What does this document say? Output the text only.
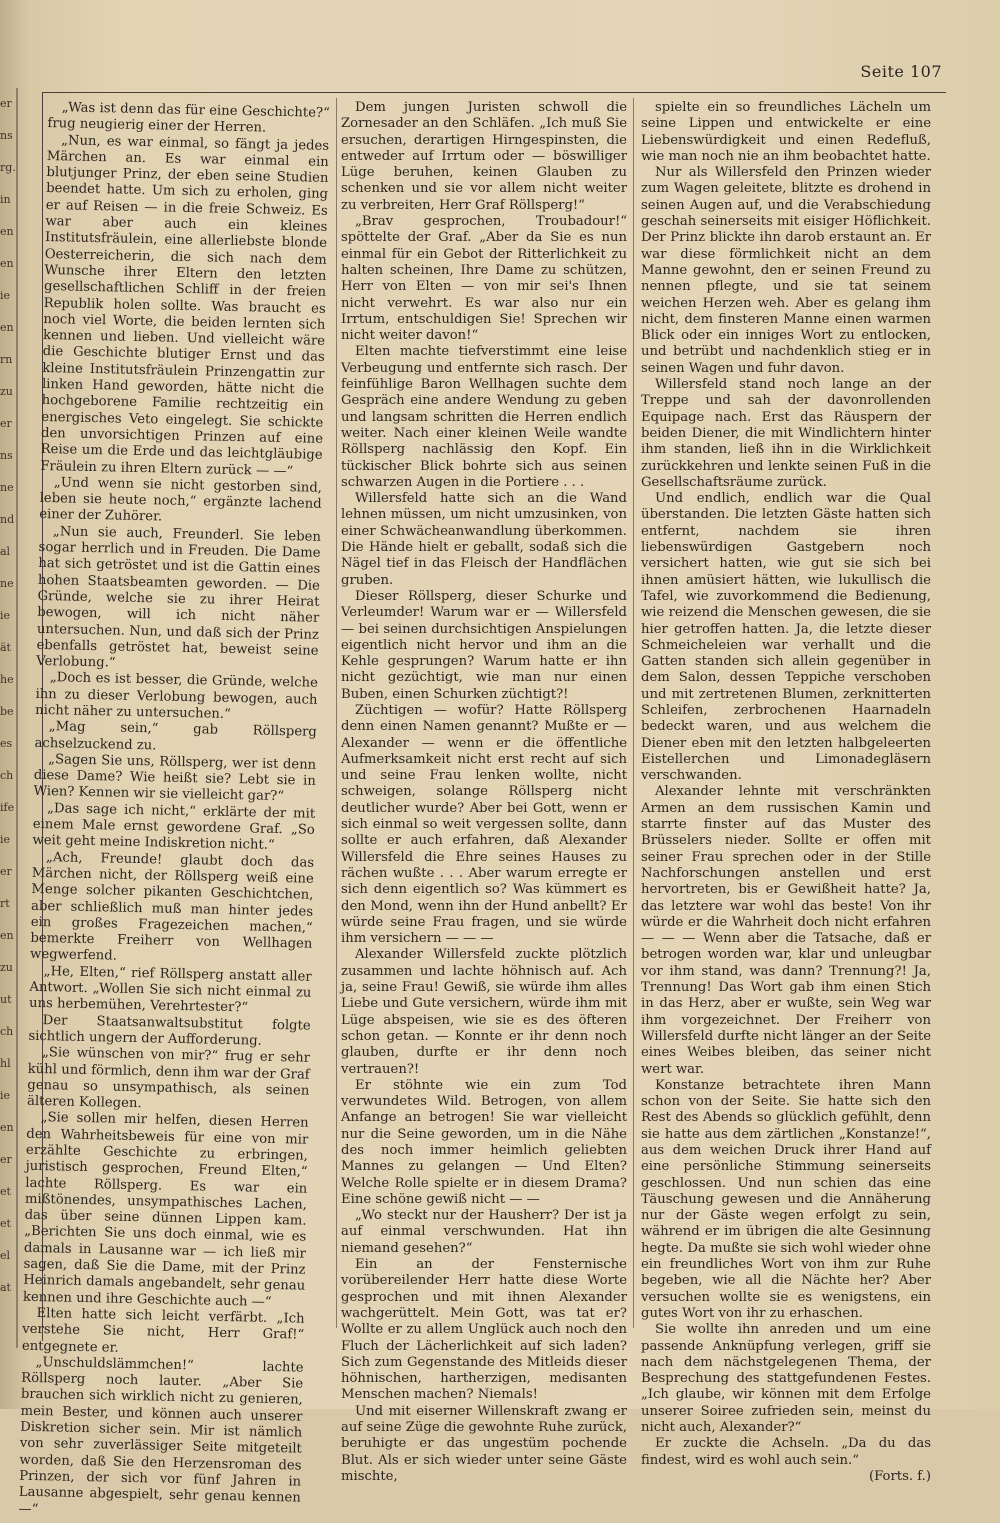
er
ns
rg.
in
en
en
ie
en
rn
zu
er
ns
ne
nd
al
ne
ie
ät
he
be
es
ch
ife
ie
er
rt
en
zu
ut
ch
hl
ie
en
er
et
et
el
at
Seite 107

„Was ist denn das für eine Geschichte?“ frug neugierig einer der Herren.

„Nun, es war einmal, so fängt ja jedes Märchen an. Es war einmal ein blutjunger Prinz, der eben seine Studien beendet hatte. Um sich zu erholen, ging er auf Reisen — in die freie Schweiz. Es war aber auch ein kleines Institutsfräulein, eine allerliebste blonde Oesterreicherin, die sich nach dem Wunsche ihrer Eltern den letzten gesellschaftlichen Schliff in der freien Republik holen sollte. Was braucht es noch viel Worte, die beiden lernten sich kennen und lieben. Und vielleicht wäre die Geschichte blutiger Ernst und das kleine Institutsfräulein Prinzengattin zur linken Hand geworden, hätte nicht die hochgeborene Familie rechtzeitig ein energisches Veto eingelegt. Sie schickte den unvorsichtigen Prinzen auf eine Reise um die Erde und das leichtgläubige Fräulein zu ihren Eltern zurück — —“

„Und wenn sie nicht gestorben sind, leben sie heute noch,“ ergänzte lachend einer der Zuhörer.

„Nun sie auch, Freunderl. Sie leben sogar herrlich und in Freuden. Die Dame hat sich getröstet und ist die Gattin eines hohen Staatsbeamten geworden. — Die Gründe, welche sie zu ihrer Heirat bewogen, will ich nicht näher untersuchen. Nun, und daß sich der Prinz ebenfalls getröstet hat, beweist seine Verlobung.“

„Doch es ist besser, die Gründe, welche ihn zu dieser Verlobung bewogen, auch nicht näher zu untersuchen.“

„Mag sein,“ gab Röllsperg achselzuckend zu.

„Sagen Sie uns, Röllsperg, wer ist denn diese Dame? Wie heißt sie? Lebt sie in Wien? Kennen wir sie vielleicht gar?“

„Das sage ich nicht,“ erklärte der mit einem Male ernst gewordene Graf. „So weit geht meine Indiskretion nicht.“

„Ach, Freunde! glaubt doch das Märchen nicht, der Röllsperg weiß eine Menge solcher pikanten Geschichtchen, aber schließlich muß man hinter jedes ein großes Fragezeichen machen,“ bemerkte Freiherr von Wellhagen wegwerfend.

„He, Elten,“ rief Röllsperg anstatt aller Antwort. „Wollen Sie sich nicht einmal zu uns herbemühen, Verehrtester?“

Der Staatsanwaltsubstitut folgte sichtlich ungern der Aufforderung.

„Sie wünschen von mir?“ frug er sehr kühl und förmlich, denn ihm war der Graf genau so unsympathisch, als seinen älteren Kollegen.

„Sie sollen mir helfen, diesen Herren den Wahrheitsbeweis für eine von mir erzählte Geschichte zu erbringen, juristisch gesprochen, Freund Elten,“ lachte Röllsperg. Es war ein mißtönendes, unsympathisches Lachen, das über seine dünnen Lippen kam. „Berichten Sie uns doch einmal, wie es damals in Lausanne war — ich ließ mir sagen, daß Sie die Dame, mit der Prinz Heinrich damals angebandelt, sehr genau kennen und ihre Geschichte auch —“

Elten hatte sich leicht verfärbt. „Ich verstehe Sie nicht, Herr Graf!“ entgegnete er.

„Unschuldslämmchen!“ lachte Röllsperg noch lauter. „Aber Sie brauchen sich wirklich nicht zu genieren, mein Bester, und können auch unserer Diskretion sicher sein. Mir ist nämlich von sehr zuverlässiger Seite mitgeteilt worden, daß Sie den Herzensroman des Prinzen, der sich vor fünf Jahren in Lausanne abgespielt, sehr genau kennen —“

Dem jungen Juristen schwoll die Zornesader an den Schläfen. „Ich muß Sie ersuchen, derartigen Hirngespinsten, die entweder auf Irrtum oder — böswilliger Lüge beruhen, keinen Glauben zu schenken und sie vor allem nicht weiter zu verbreiten, Herr Graf Röllsperg!“

„Brav gesprochen, Troubadour!“ spöttelte der Graf. „Aber da Sie es nun einmal für ein Gebot der Ritterlichkeit zu halten scheinen, Ihre Dame zu schützen, Herr von Elten — von mir sei's Ihnen nicht verwehrt. Es war also nur ein Irrtum, entschuldigen Sie! Sprechen wir nicht weiter davon!“

Elten machte tiefverstimmt eine leise Verbeugung und entfernte sich rasch. Der feinfühlige Baron Wellhagen suchte dem Gespräch eine andere Wendung zu geben und langsam schritten die Herren endlich weiter. Nach einer kleinen Weile wandte Röllsperg nachlässig den Kopf. Ein tückischer Blick bohrte sich aus seinen schwarzen Augen in die Portiere . . .

Willersfeld hatte sich an die Wand lehnen müssen, um nicht umzusinken, von einer Schwächeanwandlung überkommen. Die Hände hielt er geballt, sodaß sich die Nägel tief in das Fleisch der Handflächen gruben.

Dieser Röllsperg, dieser Schurke und Verleumder! Warum war er — Willersfeld — bei seinen durchsichtigen Anspielungen eigentlich nicht hervor und ihm an die Kehle gesprungen? Warum hatte er ihn nicht gezüchtigt, wie man nur einen Buben, einen Schurken züchtigt?!

Züchtigen — wofür? Hatte Röllsperg denn einen Namen genannt? Mußte er — Alexander — wenn er die öffentliche Aufmerksamkeit nicht erst recht auf sich und seine Frau lenken wollte, nicht schweigen, solange Röllsperg nicht deutlicher wurde? Aber bei Gott, wenn er sich einmal so weit vergessen sollte, dann sollte er auch erfahren, daß Alexander Willersfeld die Ehre seines Hauses zu rächen wußte . . . Aber warum erregte er sich denn eigentlich so? Was kümmert es den Mond, wenn ihn der Hund anbellt? Er würde seine Frau fragen, und sie würde ihm versichern — — —

Alexander Willersfeld zuckte plötzlich zusammen und lachte höhnisch auf. Ach ja, seine Frau! Gewiß, sie würde ihm alles Liebe und Gute versichern, würde ihm mit Lüge abspeisen, wie sie es des öfteren schon getan. — Konnte er ihr denn noch glauben, durfte er ihr denn noch vertrauen?!

Er stöhnte wie ein zum Tod verwundetes Wild. Betrogen, von allem Anfange an betrogen! Sie war vielleicht nur die Seine geworden, um in die Nähe des noch immer heimlich geliebten Mannes zu gelangen — Und Elten? Welche Rolle spielte er in diesem Drama? Eine schöne gewiß nicht — —

„Wo steckt nur der Hausherr? Der ist ja auf einmal verschwunden. Hat ihn niemand gesehen?“

Ein an der Fensternische vorübereilender Herr hatte diese Worte gesprochen und mit ihnen Alexander wachgerüttelt. Mein Gott, was tat er? Wollte er zu allem Unglück auch noch den Fluch der Lächerlichkeit auf sich laden? Sich zum Gegenstande des Mitleids dieser höhnischen, hartherzigen, medisanten Menschen machen? Niemals!

Und mit eiserner Willenskraft zwang er auf seine Züge die gewohnte Ruhe zurück, beruhigte er das ungestüm pochende Blut. Als er sich wieder unter seine Gäste mischte,

spielte ein so freundliches Lächeln um seine Lippen und entwickelte er eine Liebenswürdigkeit und einen Redefluß, wie man noch nie an ihm beobachtet hatte.

Nur als Willersfeld den Prinzen wieder zum Wagen geleitete, blitzte es drohend in seinen Augen auf, und die Verabschiedung geschah seinerseits mit eisiger Höflichkeit. Der Prinz blickte ihn darob erstaunt an. Er war diese förmlichkeit nicht an dem Manne gewohnt, den er seinen Freund zu nennen pflegte, und sie tat seinem weichen Herzen weh. Aber es gelang ihm nicht, dem finsteren Manne einen warmen Blick oder ein inniges Wort zu entlocken, und betrübt und nachdenklich stieg er in seinen Wagen und fuhr davon.

Willersfeld stand noch lange an der Treppe und sah der davonrollenden Equipage nach. Erst das Räuspern der beiden Diener, die mit Windlichtern hinter ihm standen, ließ ihn in die Wirklichkeit zurückkehren und lenkte seinen Fuß in die Gesellschaftsräume zurück.

Und endlich, endlich war die Qual überstanden. Die letzten Gäste hatten sich entfernt, nachdem sie ihren liebenswürdigen Gastgebern noch versichert hatten, wie gut sie sich bei ihnen amüsiert hätten, wie lukullisch die Tafel, wie zuvorkommend die Bedienung, wie reizend die Menschen gewesen, die sie hier getroffen hatten. Ja, die letzte dieser Schmeicheleien war verhallt und die Gatten standen sich allein gegenüber in dem Salon, dessen Teppiche verschoben und mit zertretenen Blumen, zerknitterten Schleifen, zerbrochenen Haarnadeln bedeckt waren, und aus welchem die Diener eben mit den letzten halbgeleerten Eistellerchen und Limonadegläsern verschwanden.

Alexander lehnte mit verschränkten Armen an dem russischen Kamin und starrte finster auf das Muster des Brüsselers nieder. Sollte er offen mit seiner Frau sprechen oder in der Stille Nachforschungen anstellen und erst hervortreten, bis er Gewißheit hatte? Ja, das letztere war wohl das beste! Von ihr würde er die Wahrheit doch nicht erfahren — — — Wenn aber die Tatsache, daß er betrogen worden war, klar und unleugbar vor ihm stand, was dann? Trennung?! Ja, Trennung! Das Wort gab ihm einen Stich in das Herz, aber er wußte, sein Weg war ihm vorgezeichnet. Der Freiherr von Willersfeld durfte nicht länger an der Seite eines Weibes bleiben, das seiner nicht wert war.

Konstanze betrachtete ihren Mann schon von der Seite. Sie hatte sich den Rest des Abends so glücklich gefühlt, denn sie hatte aus dem zärtlichen „Konstanze!“, aus dem weichen Druck ihrer Hand auf eine persönliche Stimmung seinerseits geschlossen. Und nun schien das eine Täuschung gewesen und die Annäherung nur der Gäste wegen erfolgt zu sein, während er im übrigen die alte Gesinnung hegte. Da mußte sie sich wohl wieder ohne ein freundliches Wort von ihm zur Ruhe begeben, wie all die Nächte her? Aber versuchen wollte sie es wenigstens, ein gutes Wort von ihr zu erhaschen.

Sie wollte ihn anreden und um eine passende Anknüpfung verlegen, griff sie nach dem nächstgelegenen Thema, der Besprechung des stattgefundenen Festes. „Ich glaube, wir können mit dem Erfolge unserer Soiree zufrieden sein, meinst du nicht auch, Alexander?“

Er zuckte die Achseln. „Da du das findest, wird es wohl auch sein.“

(Forts. f.)
